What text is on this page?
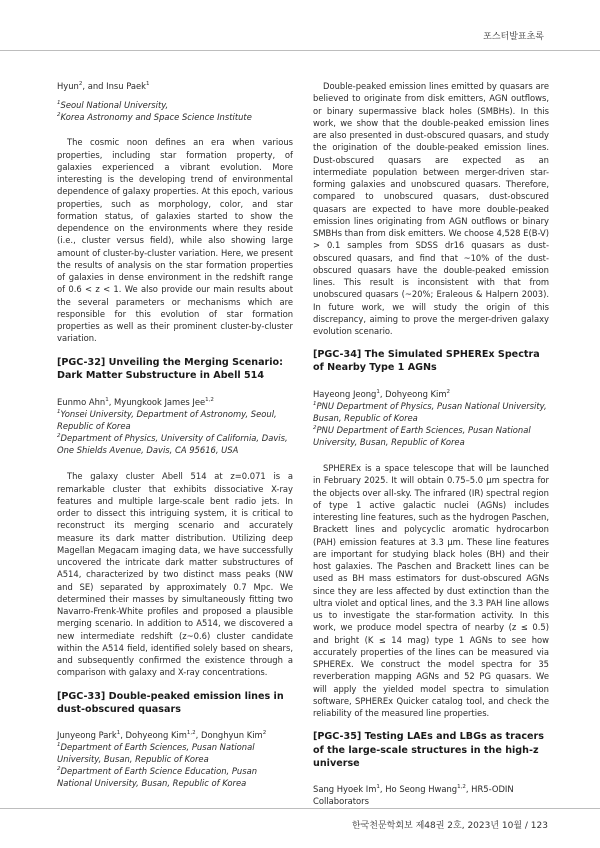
포스터발표초록

Hyun$^2$, and Insu Paek$^1$

$^1$Seoul National University,
$^2$Korea Astronomy and Space Science Institute

The cosmic noon defines an era when various properties, including star formation property, of galaxies experienced a vibrant evolution. More interesting is the developing trend of environmental dependence of galaxy properties. At this epoch, various properties, such as morphology, color, and star formation status, of galaxies started to show the dependence on the environments where they reside (i.e., cluster versus field), while also showing large amount of cluster-by-cluster variation. Here, we present the results of analysis on the star formation properties of galaxies in dense environment in the redshift range of 0.6 < z < 1. We also provide our main results about the several parameters or mechanisms which are responsible for this evolution of star formation properties as well as their prominent cluster-by-cluster variation.

[PGC-32] Unveiling the Merging Scenario: Dark Matter Substructure in Abell 514

Eunmo Ahn$^1$, Myungkook James Jee$^{1,2}$

$^1$Yonsei University, Department of Astronomy, Seoul, Republic of Korea
$^2$Department of Physics, University of California, Davis, One Shields Avenue, Davis, CA 95616, USA

The galaxy cluster Abell 514 at z=0.071 is a remarkable cluster that exhibits dissociative X-ray features and multiple large-scale bent radio jets. In order to dissect this intriguing system, it is critical to reconstruct its merging scenario and accurately measure its dark matter distribution. Utilizing deep Magellan Megacam imaging data, we have successfully uncovered the intricate dark matter substructures of A514, characterized by two distinct mass peaks (NW and SE) separated by approximately 0.7 Mpc. We determined their masses by simultaneously fitting two Navarro-Frenk-White profiles and proposed a plausible merging scenario. In addition to A514, we discovered a new intermediate redshift (z~0.6) cluster candidate within the A514 field, identified solely based on shears, and subsequently confirmed the existence through a comparison with galaxy and X-ray concentrations.

[PGC-33] Double-peaked emission lines in dust-obscured quasars

Junyeong Park$^1$, Dohyeong Kim$^{1,2}$, Donghyun Kim$^2$

$^1$Department of Earth Sciences, Pusan National University, Busan, Republic of Korea
$^2$Department of Earth Science Education, Pusan National University, Busan, Republic of Korea

Double-peaked emission lines emitted by quasars are believed to originate from disk emitters, AGN outflows, or binary supermassive black holes (SMBHs). In this work, we show that the double-peaked emission lines are also presented in dust-obscured quasars, and study the origination of the double-peaked emission lines. Dust-obscured quasars are expected as an intermediate population between merger-driven star-forming galaxies and unobscured quasars. Therefore, compared to unobscured quasars, dust-obscured quasars are expected to have more double-peaked emission lines originating from AGN outflows or binary SMBHs than from disk emitters. We choose 4,528 E(B-V) > 0.1 samples from SDSS dr16 quasars as dust-obscured quasars, and find that ~10% of the dust-obscured quasars have the double-peaked emission lines. This result is inconsistent with that from unobscured quasars (~20%; Eraleous & Halpern 2003). In future work, we will study the origin of this discrepancy, aiming to prove the merger-driven galaxy evolution scenario.

[PGC-34] The Simulated SPHEREx Spectra of Nearby Type 1 AGNs

Hayeong Jeong$^1$, Dohyeong Kim$^2$

$^1$PNU Department of Physics, Pusan National University, Busan, Republic of Korea
$^2$PNU Department of Earth Sciences, Pusan National University, Busan, Republic of Korea

SPHEREx is a space telescope that will be launched in February 2025. It will obtain 0.75–5.0 μm spectra for the objects over all-sky. The infrared (IR) spectral region of type 1 active galactic nuclei (AGNs) includes interesting line features, such as the hydrogen Paschen, Brackett lines and polycyclic aromatic hydrocarbon (PAH) emission features at 3.3 μm. These line features are important for studying black holes (BH) and their host galaxies. The Paschen and Brackett lines can be used as BH mass estimators for dust-obscured AGNs since they are less affected by dust extinction than the ultra violet and optical lines, and the 3.3 PAH line allows us to investigate the star-formation activity. In this work, we produce model spectra of nearby (z ≤ 0.5) and bright (K ≤ 14 mag) type 1 AGNs to see how accurately properties of the lines can be measured via SPHEREx. We construct the model spectra for 35 reverberation mapping AGNs and 52 PG quasars. We will apply the yielded model spectra to simulation software, SPHEREx Quicker catalog tool, and check the reliability of the measured line properties.

[PGC-35] Testing LAEs and LBGs as tracers of the large-scale structures in the high-z universe

Sang Hyoek Im$^1$, Ho Seong Hwang$^{1,2}$, HR5-ODIN Collaborators

한국천문학회보 제48권 2호, 2023년 10월 / 123
